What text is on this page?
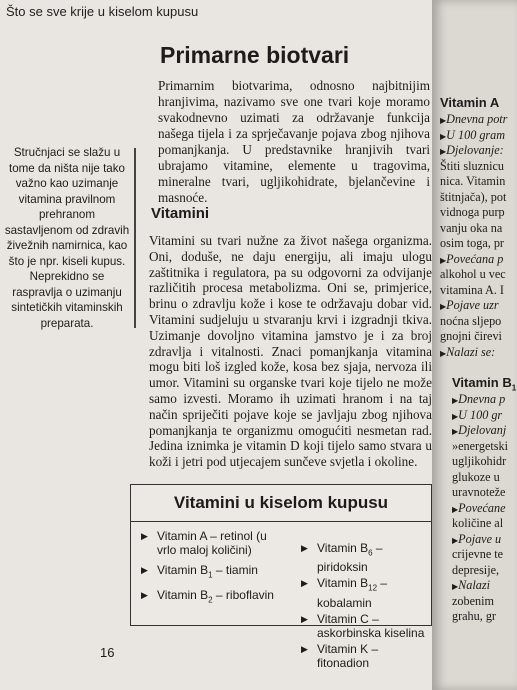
Što se sve krije u kiselom kupusu
Primarne biotvari

Primarnim biotvarima, odnosno najbitnijim hranjivima, nazivamo sve one tvari koje moramo svakodnevno uzimati za održavanje funkcija našega tijela i za sprječavanje pojava zbog njihova pomanjkanja. U predstavnike hranjivih tvari ubrajamo vitamine, elemente u tragovima, mineralne tvari, ugljikohidrate, bjelančevine i masnoće.

Stručnjaci se slažu u tome da ništa nije tako važno kao uzimanje vitamina pravilnom prehranom sastavljenom od zdravih živežnih namirnica, kao što je npr. kiseli kupus. Neprekidno se raspravlja o uzimanju sintetičkih vitaminskih preparata.

Vitamini

Vitamini su tvari nužne za život našega organizma. Oni, doduše, ne daju energiju, ali imaju ulogu zaštitnika i regulatora, pa su odgovorni za odvijanje različitih procesa metabolizma. Oni se, primjerice, brinu o zdravlju kože i kose te održavaju dobar vid. Vitamini sudjeluju u stvaranju krvi i izgradnji tkiva. Uzimanje dovoljno vitamina jamstvo je i za broj zdravlja i vitalnosti. Znaci pomanjkanja vitamina mogu biti loš izgled kože, kosa bez sjaja, nervoza ili umor. Vitamini su organske tvari koje tijelo ne može samo izvesti. Moramo ih uzimati hranom i na taj način spriječiti pojave koje se javljaju zbog njihova pomanjkanja te organizmu omogućiti nesmetan rad. Jedina iznimka je vitamin D koji tijelo samo stvara u koži i jetri pod utjecajem sunčeve svjetla i okoline.

Vitamini u kiselom kupusu
▶ Vitamin A – retinol (u vrlo maloj količini)
▶ Vitamin $B_1$ – tiamin
▶ Vitamin $B_2$ – riboflavin
▶ Vitamin $B_6$ – piridoksin
▶ Vitamin $B_{12}$ – kobalamin
▶ Vitamin C – askorbinska kiselina
▶ Vitamin K – fitonadion
16
Vitamin A
▶ Dnevna potr
▶ U 100 gram
▶ Djelovanje:
Štiti sluznicu
nica. Vitamin
štitnjača), pot
vidnoga purp
vanju oka na
osim toga, pr
▶ Povećana p
alkohol u vec
vitamina A. I
▶ Pojave uzr
noćna sljepo
gnojni čirevi
▶ Nalazi se:
Vitamin $B_1$
▶ Dnevna p
▶ U 100 gr
▶ Djelovanj
»energetski
ugljikohidr
glukoze u
uravnoteže
▶ Povećane
količine al
▶ Pojave u
crijevne te
depresije,
▶ Nalazi
zobenim
grahu, gr
